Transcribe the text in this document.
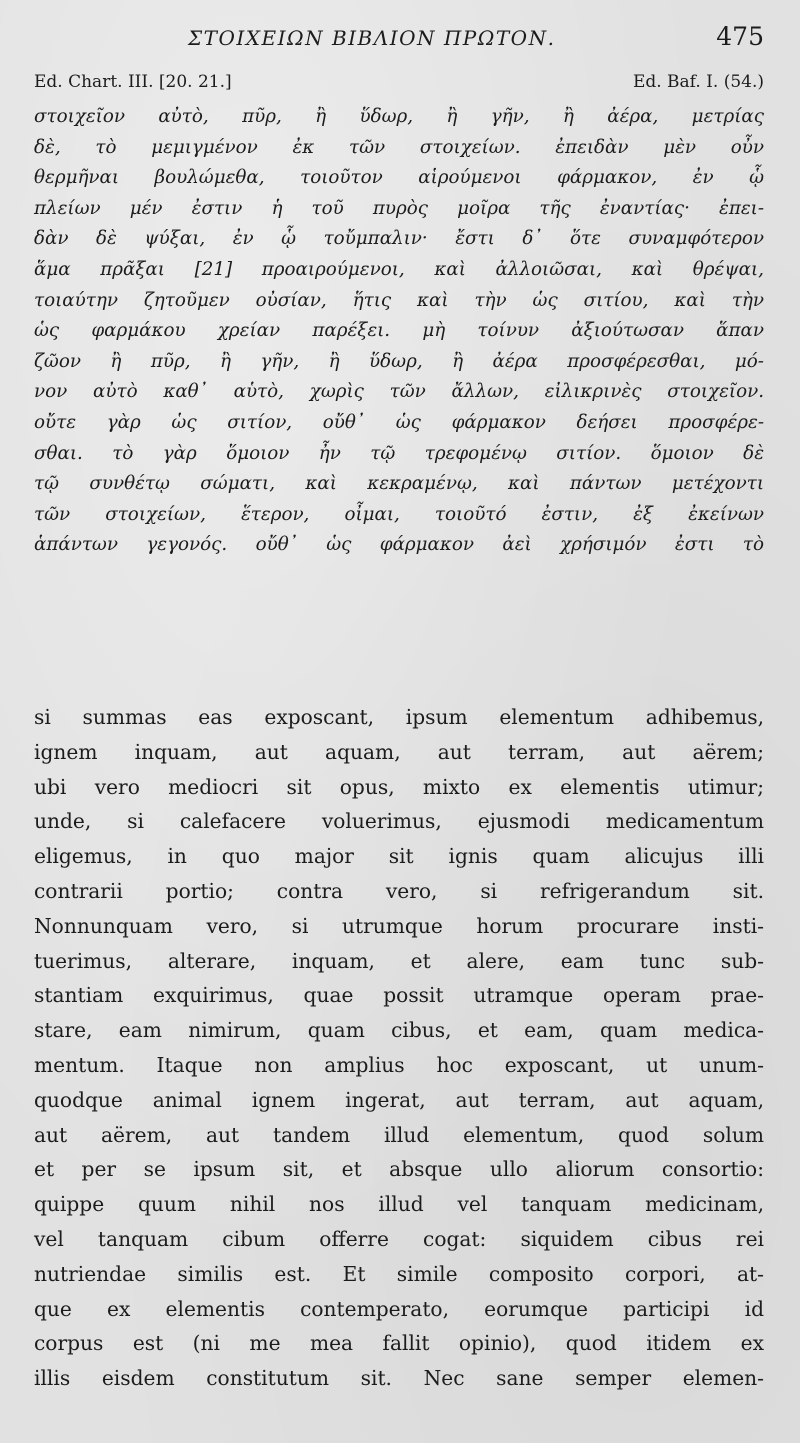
ΣΤΟΙΧΕΙΩΝ ΒΙΒΛΙΟΝ ΠΡΩΤΟΝ.	475
Ed. Chart. III. [20. 21.]	Ed. Baf. I. (54.)
στοιχεῖον αὐτὸ, πῦρ, ἢ ὕδωρ, ἢ γῆν, ἢ ἀέρα, μετρίας
δὲ, τὸ μεμιγμένον ἐκ τῶν στοιχείων. ἐπειδὰν μὲν οὖν
θερμῆναι βουλώμεθα, τοιοῦτον αἱρούμενοι φάρμακον, ἐν ᾧ
πλείων μέν ἐστιν ἡ τοῦ πυρὸς μοῖρα τῆς ἐναντίας· ἐπει-
δὰν δὲ ψύξαι, ἐν ᾧ τοὔμπαλιν· ἔστι δ᾽ ὅτε συναμφότερον
ἅμα πρᾶξαι [21] προαιρούμενοι, καὶ ἀλλοιῶσαι, καὶ θρέψαι,
τοιαύτην ζητοῦμεν οὐσίαν, ἥτις καὶ τὴν ὡς σιτίου, καὶ τὴν
ὡς φαρμάκου χρείαν παρέξει. μὴ τοίνυν ἀξιούτωσαν ἅπαν
ζῶον ἢ πῦρ, ἢ γῆν, ἢ ὕδωρ, ἢ ἀέρα προσφέρεσθαι, μό-
νον αὐτὸ καθ᾽ αὑτὸ, χωρὶς τῶν ἄλλων, εἰλικρινὲς στοιχεῖον.
οὔτε γὰρ ὡς σιτίον, οὔθ᾽ ὡς φάρμακον δεήσει προσφέρε-
σθαι. τὸ γὰρ ὅμοιον ἦν τῷ τρεφομένῳ σιτίον. ὅμοιον δὲ
τῷ συνθέτῳ σώματι, καὶ κεκραμένῳ, καὶ πάντων μετέχοντι
τῶν στοιχείων, ἕτερον, οἶμαι, τοιοῦτό ἐστιν, ἐξ ἐκείνων
ἁπάντων γεγονός. οὔθ᾽ ὡς φάρμακον ἀεὶ χρήσιμόν ἐστι τὸ
si summas eas exposcant, ipsum elementum adhibemus,
ignem inquam, aut aquam, aut terram, aut aërem;
ubi vero mediocri sit opus, mixto ex elementis utimur;
unde, si calefacere voluerimus, ejusmodi medicamentum
eligemus, in quo major sit ignis quam alicujus illi
contrarii portio; contra vero, si refrigerandum sit.
Nonnunquam vero, si utrumque horum procurare insti-
tuerimus, alterare, inquam, et alere, eam tunc sub-
stantiam exquirimus, quae possit utramque operam prae-
stare, eam nimirum, quam cibus, et eam, quam medica-
mentum. Itaque non amplius hoc exposcant, ut unum-
quodque animal ignem ingerat, aut terram, aut aquam,
aut aërem, aut tandem illud elementum, quod solum
et per se ipsum sit, et absque ullo aliorum consortio:
quippe quum nihil nos illud vel tanquam medicinam,
vel tanquam cibum offerre cogat: siquidem cibus rei
nutriendae similis est. Et simile composito corpori, at-
que ex elementis contemperato, eorumque participi id
corpus est (ni me mea fallit opinio), quod itidem ex
illis eisdem constitutum sit. Nec sane semper elemen-
